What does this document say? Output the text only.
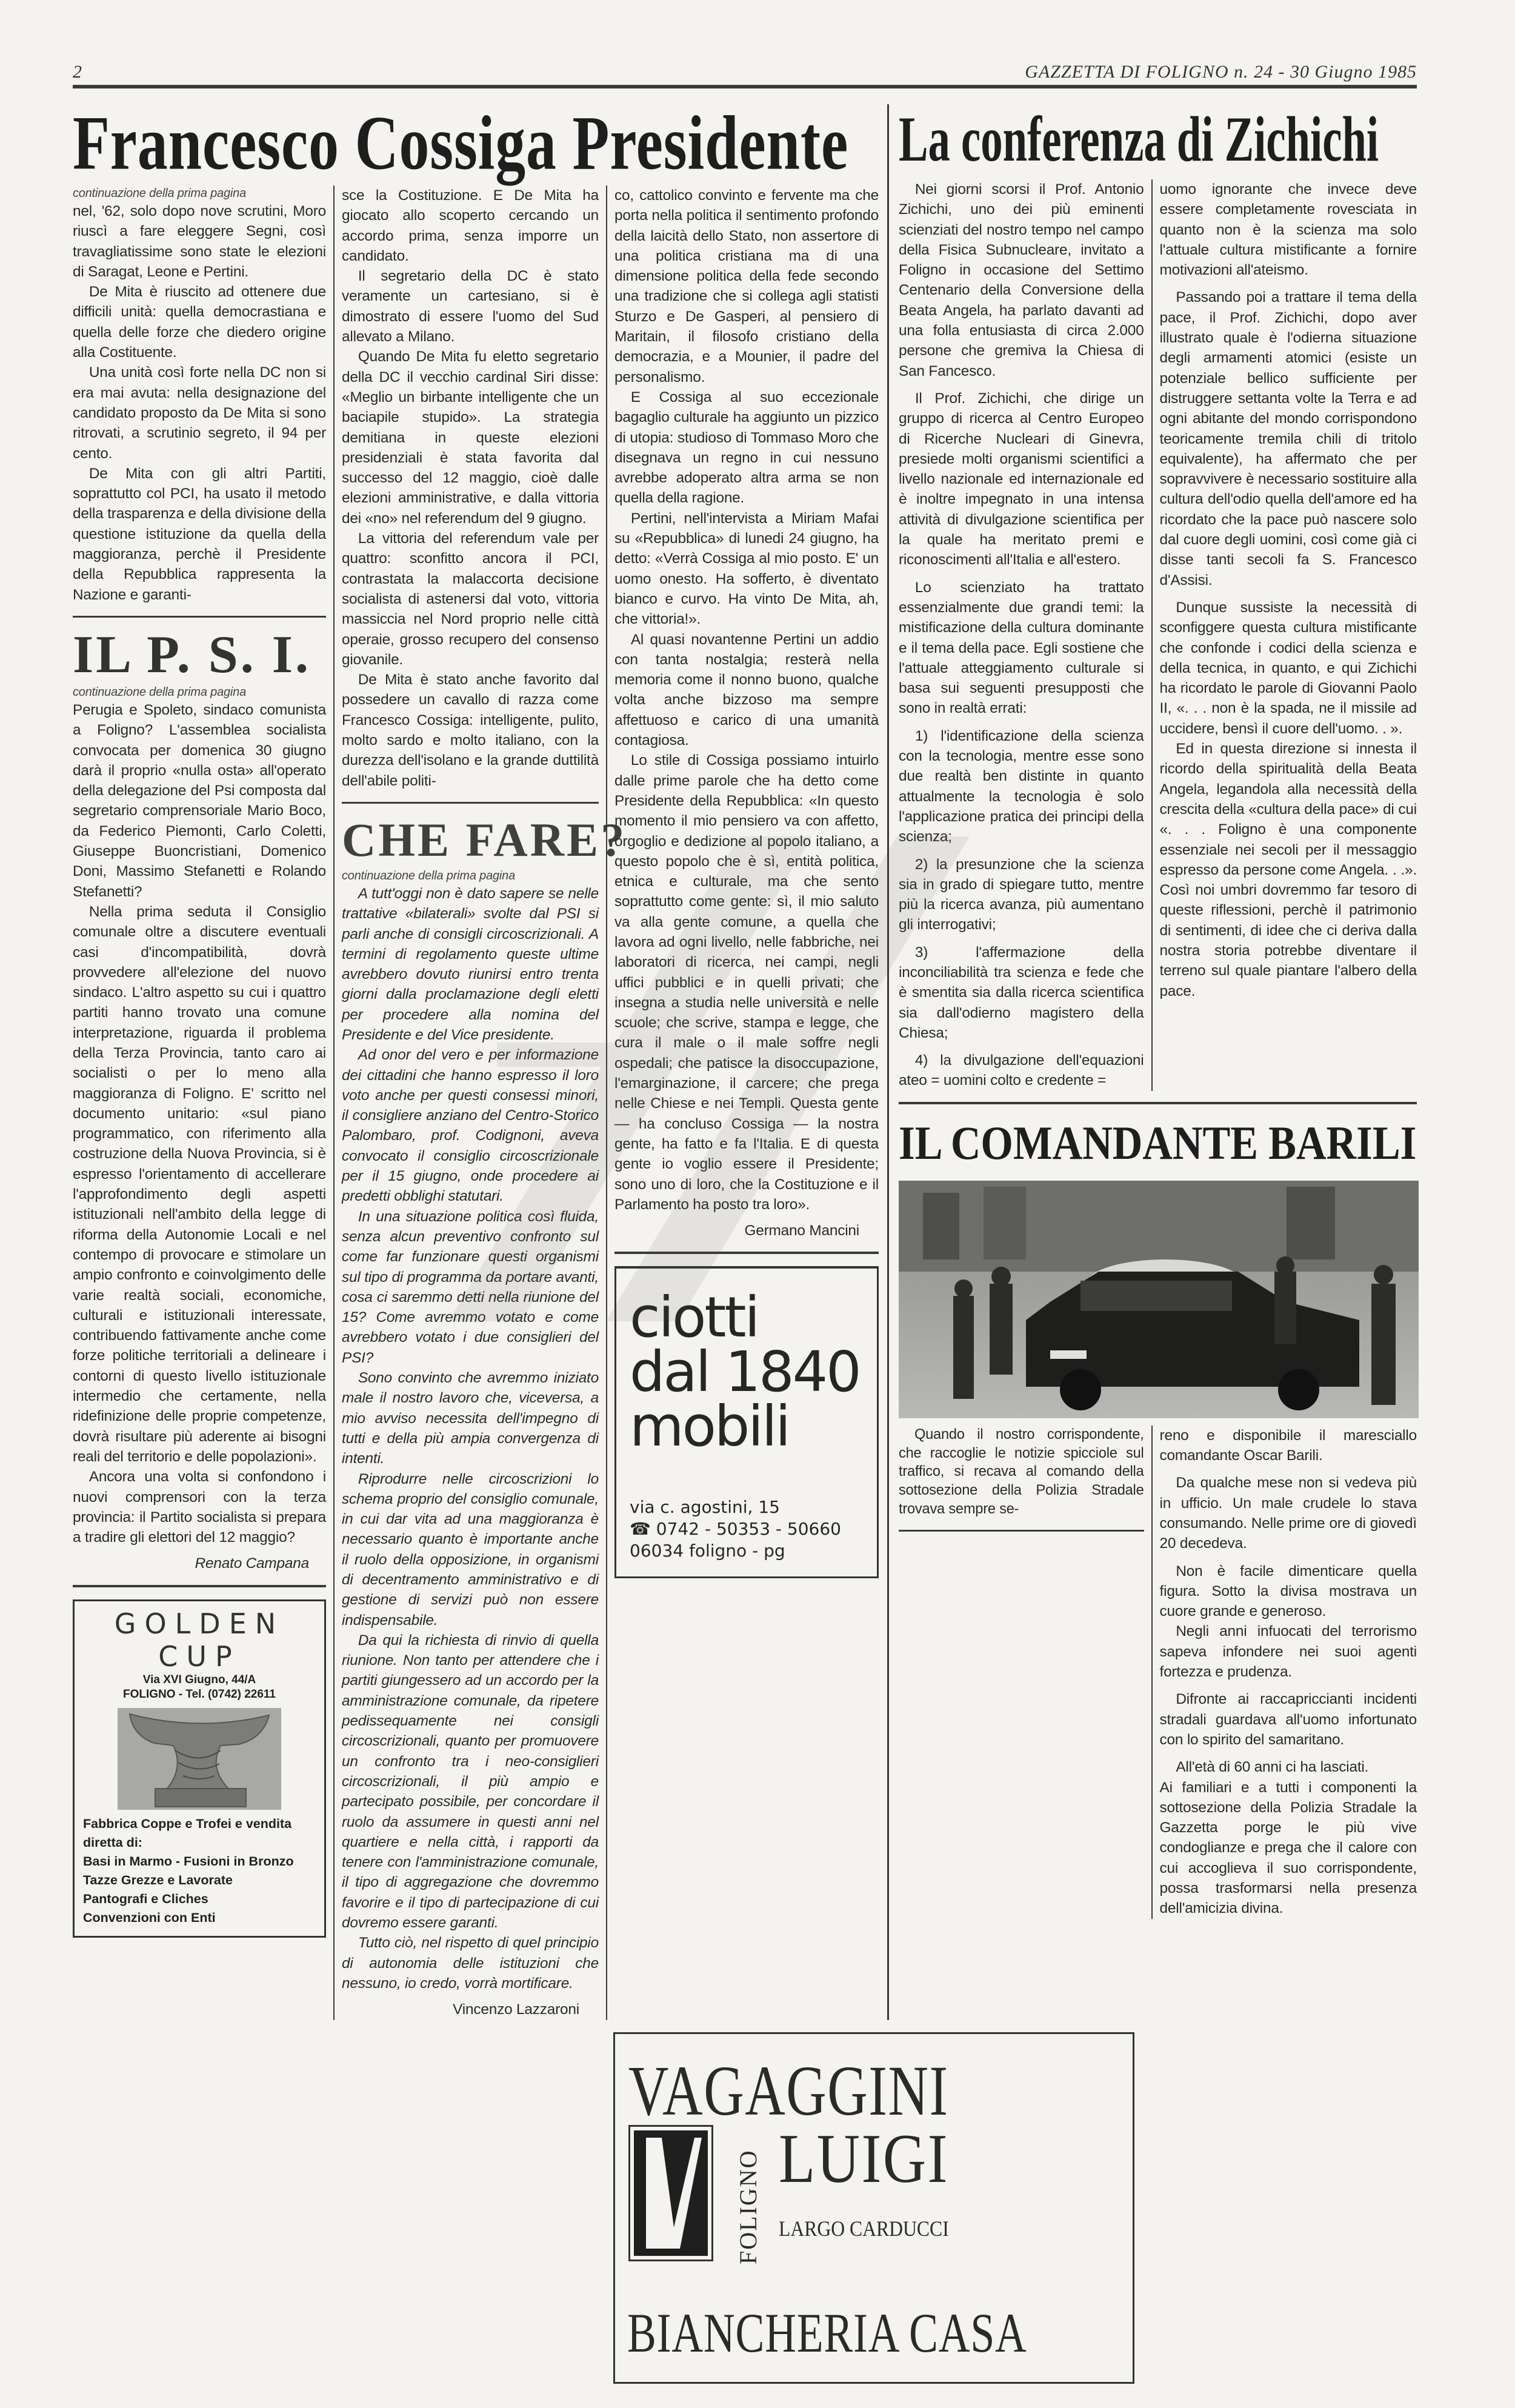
2	GAZZETTA DI FOLIGNO n. 24 - 30 Giugno 1985
Francesco Cossiga Presidente
continuazione della prima pagina

nel, '62, solo dopo nove scrutini, Moro riuscì a fare eleggere Segni, così travagliatissime sono state le elezioni di Saragat, Leone e Pertini.

De Mita è riuscito ad ottenere due difficili unità: quella democrastiana e quella delle forze che diedero origine alla Costituente.

Una unità così forte nella DC non si era mai avuta: nella designazione del candidato proposto da De Mita si sono ritrovati, a scrutinio segreto, il 94 per cento.

De Mita con gli altri Partiti, soprattutto col PCI, ha usato il metodo della trasparenza e della divisione della questione istituzione da quella della maggioranza, perchè il Presidente della Repubblica rappresenta la Nazione e garanti-

IL P. S. I.
continuazione della prima pagina

Perugia e Spoleto, sindaco comunista a Foligno? L'assemblea socialista convocata per domenica 30 giugno darà il proprio «nulla osta» all'operato della delegazione del Psi composta dal segretario comprensoriale Mario Boco, da Federico Piemonti, Carlo Coletti, Giuseppe Buoncristiani, Domenico Doni, Massimo Stefanetti e Rolando Stefanetti?

Nella prima seduta il Consiglio comunale oltre a discutere eventuali casi d'incompatibilità, dovrà provvedere all'elezione del nuovo sindaco. L'altro aspetto su cui i quattro partiti hanno trovato una comune interpretazione, riguarda il problema della Terza Provincia, tanto caro ai socialisti o per lo meno alla maggioranza di Foligno. E' scritto nel documento unitario: «sul piano programmatico, con riferimento alla costruzione della Nuova Provincia, si è espresso l'orientamento di accellerare l'approfondimento degli aspetti istituzionali nell'ambito della legge di riforma della Autonomie Locali e nel contempo di provocare e stimolare un ampio confronto e coinvolgimento delle varie realtà sociali, economiche, culturali e istituzionali interessate, contribuendo fattivamente anche come forze politiche territoriali a delineare i contorni di questo livello istituzionale intermedio che certamente, nella ridefinizione delle proprie competenze, dovrà risultare più aderente ai bisogni reali del territorio e delle popolazioni».

Ancora una volta si confondono i nuovi comprensori con la terza provincia: il Partito socialista si prepara a tradire gli elettori del 12 maggio?

Renato Campana

GOLDEN CUP
Via XVI Giugno, 44/A
FOLIGNO - Tel. (0742) 22611
Fabbrica Coppe e Trofei e vendita diretta di:
Basi in Marmo - Fusioni in Bronzo
Tazze Grezze e Lavorate
Pantografi e Cliches
Convenzioni con Enti

sce la Costituzione. E De Mita ha giocato allo scoperto cercando un accordo prima, senza imporre un candidato.

Il segretario della DC è stato veramente un cartesiano, si è dimostrato di essere l'uomo del Sud allevato a Milano.

Quando De Mita fu eletto segretario della DC il vecchio cardinal Siri disse: «Meglio un birbante intelligente che un baciapile stupido». La strategia demitiana in queste elezioni presidenziali è stata favorita dal successo del 12 maggio, cioè dalle elezioni amministrative, e dalla vittoria dei «no» nel referendum del 9 giugno.

La vittoria del referendum vale per quattro: sconfitto ancora il PCI, contrastata la malaccorta decisione socialista di astenersi dal voto, vittoria massiccia nel Nord proprio nelle città operaie, grosso recupero del consenso giovanile.

De Mita è stato anche favorito dal possedere un cavallo di razza come Francesco Cossiga: intelligente, pulito, molto sardo e molto italiano, con la durezza dell'isolano e la grande duttilità dell'abile politi-

CHE FARE?
continuazione della prima pagina

A tutt'oggi non è dato sapere se nelle trattative «bilaterali» svolte dal PSI si parli anche di consigli circoscrizionali. A termini di regolamento queste ultime avrebbero dovuto riunirsi entro trenta giorni dalla proclamazione degli eletti per procedere alla nomina del Presidente e del Vice presidente.

Ad onor del vero e per informazione dei cittadini che hanno espresso il loro voto anche per questi consessi minori, il consigliere anziano del Centro-Storico Palombaro, prof. Codignoni, aveva convocato il consiglio circoscrizionale per il 15 giugno, onde procedere ai predetti obblighi statutari.

In una situazione politica così fluida, senza alcun preventivo confronto sul come far funzionare questi organismi sul tipo di programma da portare avanti, cosa ci saremmo detti nella riunione del 15? Come avremmo votato e come avrebbero votato i due consiglieri del PSI?

Sono convinto che avremmo iniziato male il nostro lavoro che, viceversa, a mio avviso necessita dell'impegno di tutti e della più ampia convergenza di intenti.

Riprodurre nelle circoscrizioni lo schema proprio del consiglio comunale, in cui dar vita ad una maggioranza è necessario quanto è importante anche il ruolo della opposizione, in organismi di decentramento amministrativo e di gestione di servizi può non essere indispensabile.

Da qui la richiesta di rinvio di quella riunione. Non tanto per attendere che i partiti giungessero ad un accordo per la amministrazione comunale, da ripetere pedissequamente nei consigli circoscrizionali, quanto per promuovere un confronto tra i neo-consiglieri circoscrizionali, il più ampio e partecipato possibile, per concordare il ruolo da assumere in questi anni nel quartiere e nella città, i rapporti da tenere con l'amministrazione comunale, il tipo di aggregazione che dovremmo favorire e il tipo di partecipazione di cui dovremo essere garanti.

Tutto ciò, nel rispetto di quel principio di autonomia delle istituzioni che nessuno, io credo, vorrà mortificare.

Vincenzo Lazzaroni

co, cattolico convinto e fervente ma che porta nella politica il sentimento profondo della laicità dello Stato, non assertore di una politica cristiana ma di una dimensione politica della fede secondo una tradizione che si collega agli statisti Sturzo e De Gasperi, al pensiero di Maritain, il filosofo cristiano della democrazia, e a Mounier, il padre del personalismo.

E Cossiga al suo eccezionale bagaglio culturale ha aggiunto un pizzico di utopia: studioso di Tommaso Moro che disegnava un regno in cui nessuno avrebbe adoperato altra arma se non quella della ragione.

Pertini, nell'intervista a Miriam Mafai su «Repubblica» di lunedi 24 giugno, ha detto: «Verrà Cossiga al mio posto. E' un uomo onesto. Ha sofferto, è diventato bianco e curvo. Ha vinto De Mita, ah, che vittoria!».

Al quasi novantenne Pertini un addio con tanta nostalgia; resterà nella memoria come il nonno buono, qualche volta anche bizzoso ma sempre affettuoso e carico di una umanità contagiosa.

Lo stile di Cossiga possiamo intuirlo dalle prime parole che ha detto come Presidente della Repubblica: «In questo momento il mio pensiero va con affetto, orgoglio e dedizione al popolo italiano, a questo popolo che è sì, entità politica, etnica e culturale, ma che sento soprattutto come gente: sì, il mio saluto va alla gente comune, a quella che lavora ad ogni livello, nelle fabbriche, nei laboratori di ricerca, nei campi, negli uffici pubblici e in quelli privati; che insegna a studia nelle università e nelle scuole; che scrive, stampa e legge, che cura il male o il male soffre negli ospedali; che patisce la disoccupazione, l'emarginazione, il carcere; che prega nelle Chiese e nei Templi. Questa gente — ha concluso Cossiga — la nostra gente, ha fatto e fa l'Italia. E di questa gente io voglio essere il Presidente; sono uno di loro, che la Costituzione e il Parlamento ha posto tra loro».

Germano Mancini

ciotti
dal 1840
mobili
via c. agostini, 15
☎ 0742 - 50353 - 50660
06034 foligno - pg
La conferenza di Zichichi

Nei giorni scorsi il Prof. Antonio Zichichi, uno dei più eminenti scienziati del nostro tempo nel campo della Fisica Subnucleare, invitato a Foligno in occasione del Settimo Centenario della Conversione della Beata Angela, ha parlato davanti ad una folla entusiasta di circa 2.000 persone che gremiva la Chiesa di San Fancesco.

Il Prof. Zichichi, che dirige un gruppo di ricerca al Centro Europeo di Ricerche Nucleari di Ginevra, presiede molti organismi scientifici a livello nazionale ed internazionale ed è inoltre impegnato in una intensa attività di divulgazione scientifica per la quale ha meritato premi e riconoscimenti all'Italia e all'estero.

Lo scienziato ha trattato essenzialmente due grandi temi: la mistificazione della cultura dominante e il tema della pace. Egli sostiene che l'attuale atteggiamento culturale si basa sui seguenti presupposti che sono in realtà errati:

1) l'identificazione della scienza con la tecnologia, mentre esse sono due realtà ben distinte in quanto attualmente la tecnologia è solo l'applicazione pratica dei principi della scienza;

2) la presunzione che la scienza sia in grado di spiegare tutto, mentre più la ricerca avanza, più aumentano gli interrogativi;

3) l'affermazione della inconciliabilità tra scienza e fede che è smentita sia dalla ricerca scientifica sia dall'odierno magistero della Chiesa;

4) la divulgazione dell'equazioni ateo = uomini colto e credente =

uomo ignorante che invece deve essere completamente rovesciata in quanto non è la scienza ma solo l'attuale cultura mistificante a fornire motivazioni all'ateismo.

Passando poi a trattare il tema della pace, il Prof. Zichichi, dopo aver illustrato quale è l'odierna situazione degli armamenti atomici (esiste un potenziale bellico sufficiente per distruggere settanta volte la Terra e ad ogni abitante del mondo corrispondono teoricamente tremila chili di tritolo equivalente), ha affermato che per sopravvivere è necessario sostituire alla cultura dell'odio quella dell'amore ed ha ricordato che la pace può nascere solo dal cuore degli uomini, così come già ci disse tanti secoli fa S. Francesco d'Assisi.

Dunque sussiste la necessità di sconfiggere questa cultura mistificante che confonde i codici della scienza e della tecnica, in quanto, e qui Zichichi ha ricordato le parole di Giovanni Paolo II, «. . . non è la spada, ne il missile ad uccidere, bensì il cuore dell'uomo. . ».

Ed in questa direzione si innesta il ricordo della spiritualità della Beata Angela, legandola alla necessità della crescita della «cultura della pace» di cui «. . . Foligno è una componente essenziale nei secoli per il messaggio espresso da persone come Angela. . .». Così noi umbri dovremmo far tesoro di queste riflessioni, perchè il patrimonio di sentimenti, di idee che ci deriva dalla nostra storia potrebbe diventare il terreno sul quale piantare l'albero della pace.

IL COMANDANTE BARILI

Quando il nostro corrispondente, che raccoglie le notizie spicciole sul traffico, si recava al comando della sottosezione della Polizia Stradale trovava sempre se-

reno e disponibile il maresciallo comandante Oscar Barili.

Da qualche mese non si vedeva più in ufficio. Un male crudele lo stava consumando. Nelle prime ore di giovedì 20 decedeva.

Non è facile dimenticare quella figura. Sotto la divisa mostrava un cuore grande e generoso.

Negli anni infuocati del terrorismo sapeva infondere nei suoi agenti fortezza e prudenza.

Difronte ai raccapriccianti incidenti stradali guardava all'uomo infortunato con lo spirito del samaritano.

All'età di 60 anni ci ha lasciati.

Ai familiari e a tutti i componenti la sottosezione della Polizia Stradale la Gazzetta porge le più vive condoglianze e prega che il calore con cui accoglieva il suo corrispondente, possa trasformarsi nella presenza dell'amicizia divina.

VAGAGGINI
FOLIGNO LUIGI
LARGO CARDUCCI
BIANCHERIA CASA
